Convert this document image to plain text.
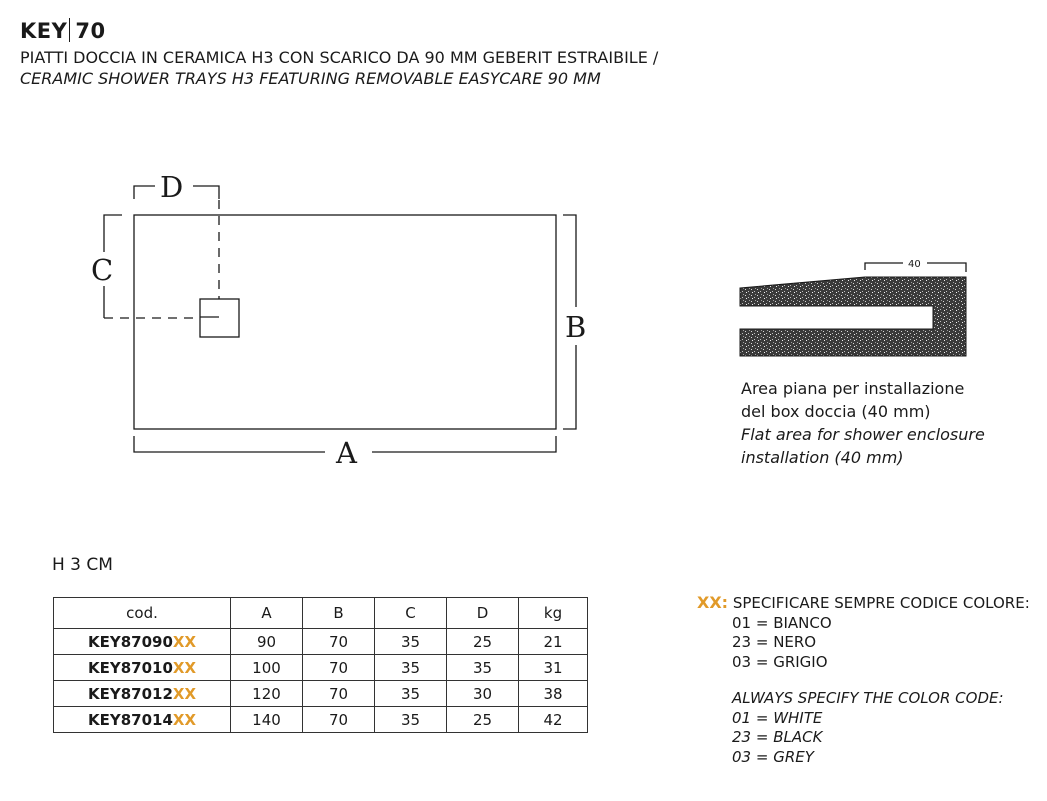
KEY 70
PIATTI DOCCIA IN CERAMICA H3 CON SCARICO DA 90 MM GEBERIT ESTRAIBILE /
CERAMIC SHOWER TRAYS H3 FEATURING REMOVABLE EASYCARE 90 MM
D
C
B
A
40
Area piana per installazione
del box doccia (40 mm)
Flat area for shower enclosure
installation (40 mm)
H 3 CM
cod.	A	B	C	D	kg
KEY87090XX	90	70	35	25	21
KEY87010XX	100	70	35	35	31
KEY87012XX	120	70	35	30	38
KEY87014XX	140	70	35	25	42
XX: SPECIFICARE SEMPRE CODICE COLORE:
01 = BIANCO
23 = NERO
03 = GRIGIO
ALWAYS SPECIFY THE COLOR CODE:
01 = WHITE
23 = BLACK
03 = GREY
